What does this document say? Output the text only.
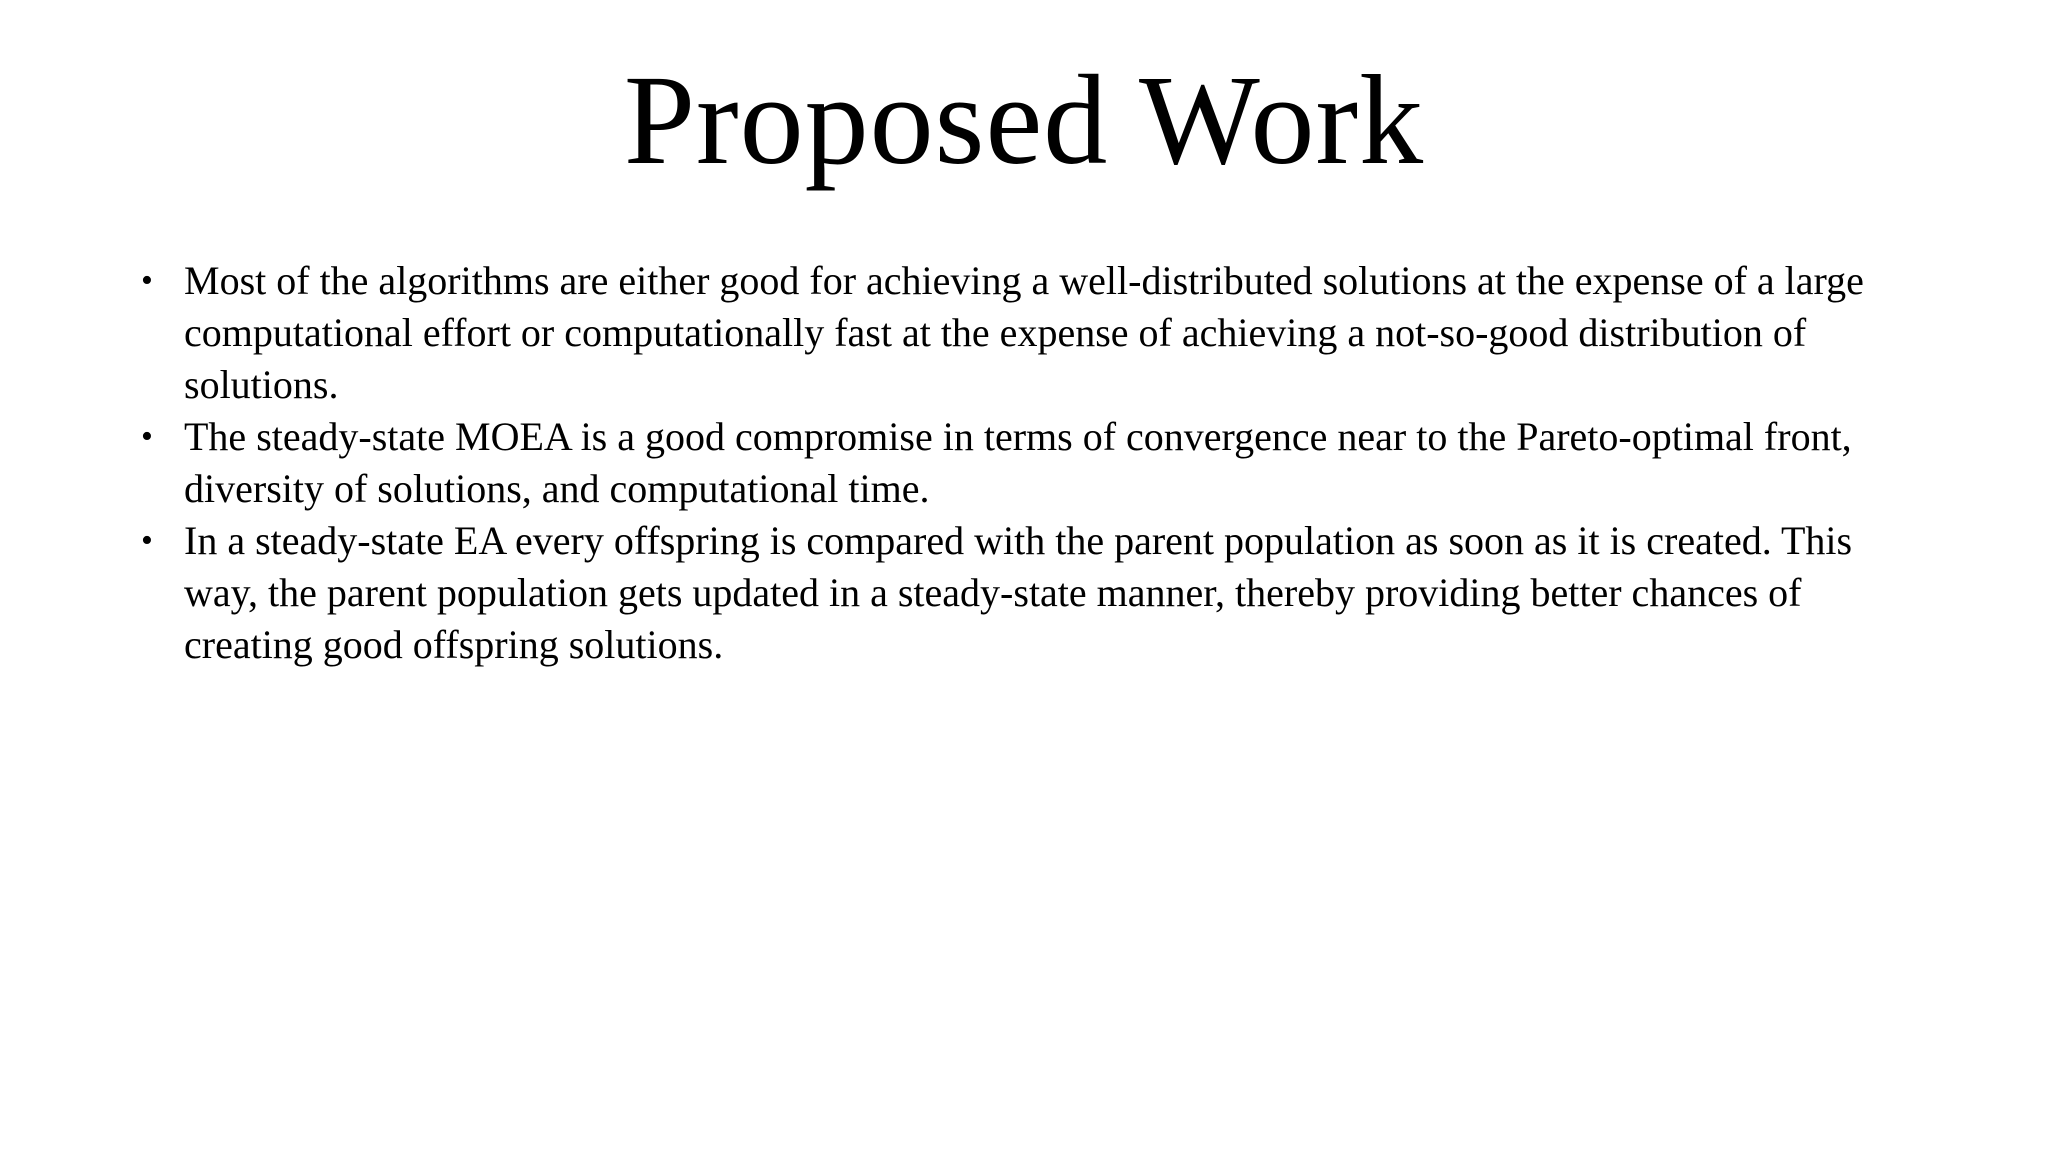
Proposed Work
• Most of the algorithms are either good for achieving a well-distributed solutions at the expense of a large computational effort or computationally fast at the expense of achieving a not-so-good distribution of solutions.
• The steady-state MOEA is a good compromise in terms of convergence near to the Pareto-optimal front, diversity of solutions, and computational time.
• In a steady-state EA every offspring is compared with the parent population as soon as it is created. This way, the parent population gets updated in a steady-state manner, thereby providing better chances of creating good offspring solutions.
